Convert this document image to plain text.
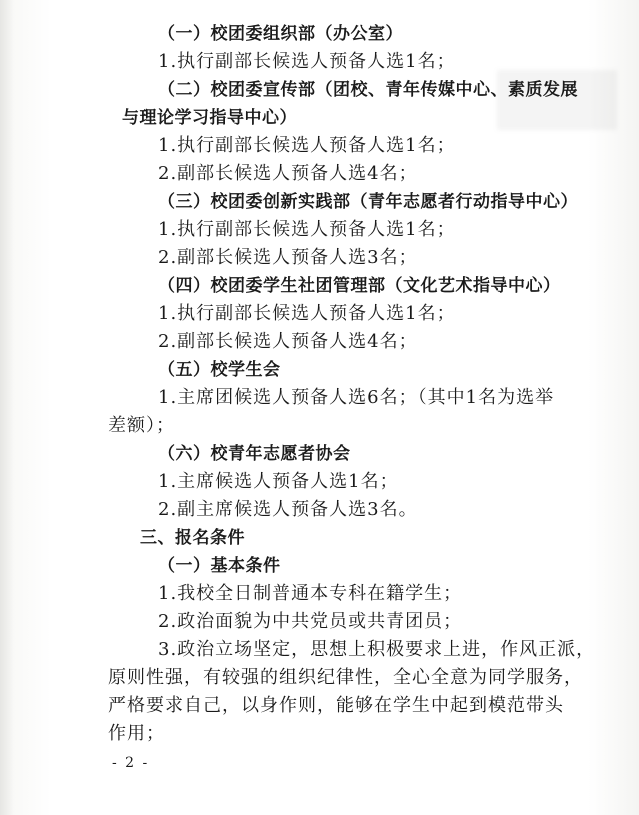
- 2 -
（一）校团委组织部（办公室）
1.执行副部长候选人预备人选1名；
（二）校团委宣传部（团校、青年传媒中心、素质发展
与理论学习指导中心）
1.执行副部长候选人预备人选1名；
2.副部长候选人预备人选4名；
（三）校团委创新实践部（青年志愿者行动指导中心）
1.执行副部长候选人预备人选1名；
2.副部长候选人预备人选3名；
（四）校团委学生社团管理部（文化艺术指导中心）
1.执行副部长候选人预备人选1名；
2.副部长候选人预备人选4名；
（五）校学生会
1.主席团候选人预备人选6名；（其中1名为选举
差额）；
（六）校青年志愿者协会
1.主席候选人预备人选1名；
2.副主席候选人预备人选3名。
三、报名条件
（一）基本条件
1.我校全日制普通本专科在籍学生；
2.政治面貌为中共党员或共青团员；
3.政治立场坚定，思想上积极要求上进，作风正派，
原则性强，有较强的组织纪律性，全心全意为同学服务，
严格要求自己，以身作则，能够在学生中起到模范带头
作用；
